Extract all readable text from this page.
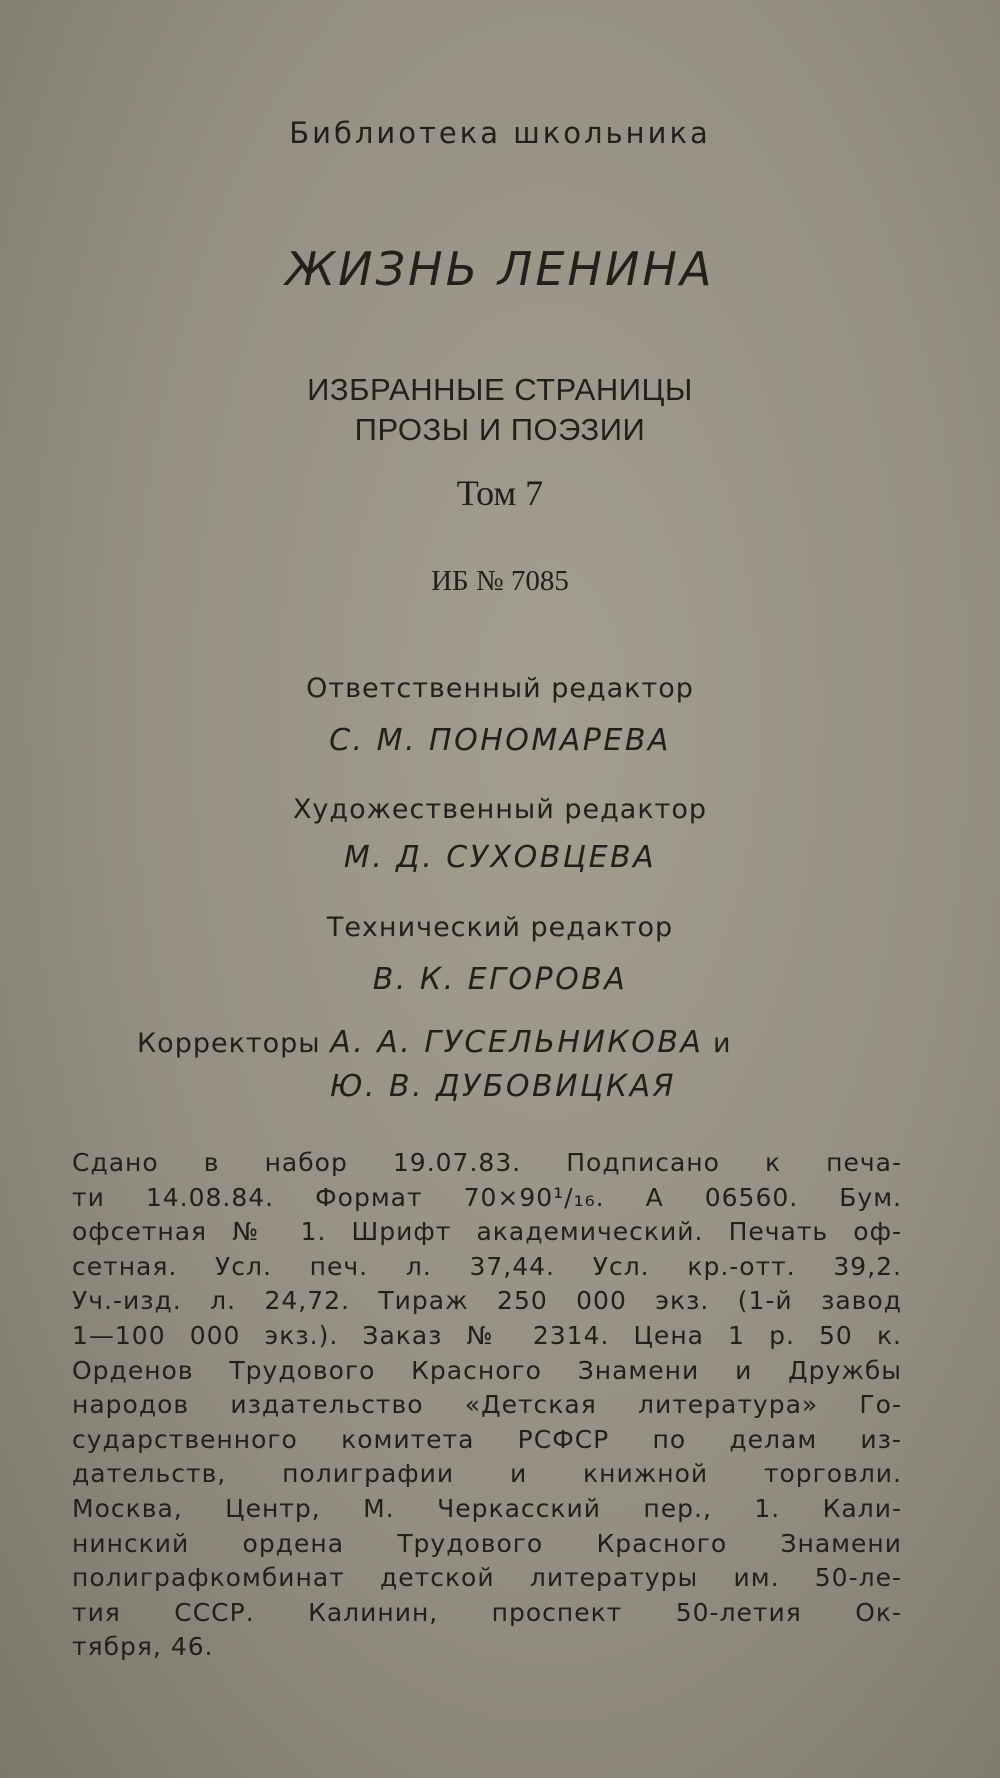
Библиотека школьника
ЖИЗНЬ ЛЕНИНА
ИЗБРАННЫЕ СТРАНИЦЫ
ПРОЗЫ И ПОЭЗИИ
Том 7
ИБ № 7085
Ответственный редактор
С. М. ПОНОМАРЕВА
Художественный редактор
М. Д. СУХОВЦЕВА
Технический редактор
В. К. ЕГОРОВА
Корректоры А. А. ГУСЕЛЬНИКОВА и
Ю. В. ДУБОВИЦКАЯ
Сдано в набор 19.07.83. Подписано к печа-
ти 14.08.84. Формат 70×90¹/₁₆. А 06560. Бум.
офсетная № 1. Шрифт академический. Печать оф-
сетная. Усл. печ. л. 37,44. Усл. кр.-отт. 39,2.
Уч.-изд. л. 24,72. Тираж 250 000 экз. (1-й завод
1—100 000 экз.). Заказ № 2314. Цена 1 р. 50 к.
Орденов Трудового Красного Знамени и Дружбы
народов издательство «Детская литература» Го-
сударственного комитета РСФСР по делам из-
дательств, полиграфии и книжной торговли.
Москва, Центр, М. Черкасский пер., 1. Кали-
нинский ордена Трудового Красного Знамени
полиграфкомбинат детской литературы им. 50-ле-
тия СССР. Калинин, проспект 50-летия Ок-
тября, 46.
